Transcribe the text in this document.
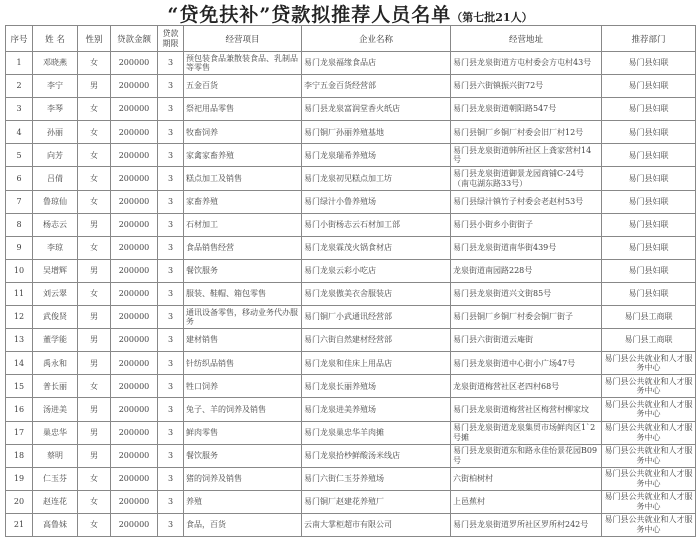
“贷免扶补”贷款拟推荐人员名单（第七批21人）
序号	姓 名	性别	贷款金额	贷款期限	经营项目	企业名称	经营地址	推荐部门

1	邓晓燕	女	200000	3	预包装食品兼散装食品、乳制品等零售	易门龙泉福缘食品店	易门县龙泉街道方屯村委会方屯村43号	易门县妇联

2	李宁	男	200000	3	五金百货	李宁五金百货经营部	易门县六街镇振兴街72号	易门县妇联

3	李琴	女	200000	3	祭祀用品零售	易门县龙泉富润堂香火纸店	易门县龙泉街道朝阳路547号	易门县妇联

4	孙丽	女	200000	3	牧畜饲养	易门铜厂孙丽养殖基地	易门县铜厂乡铜厂村委会旧厂村12号	易门县妇联

5	向芳	女	200000	3	家禽家畜养殖	易门龙泉瑞希养殖场	易门县龙泉街道韩所社区上龚家营村14号	易门县妇联

6	吕倩	女	200000	3	糕点加工及销售	易门龙泉初见糕点加工坊	易门县龙泉街道御景龙园商铺C-24号（南屯湖东路33号）	易门县妇联

7	鲁琼仙	女	200000	3	家畜养殖	易门绿汁小鲁养殖场	易门县绿汁镇竹子村委会老赵村53号	易门县妇联

8	杨志云	男	200000	3	石材加工	易门小街杨志云石材加工部	易门县小街乡小街街子	易门县妇联

9	李琼	女	200000	3	食品销售经营	易门龙泉霖茂火锅食材店	易门县龙泉街道南华街439号	易门县妇联

10	吴增辉	男	200000	3	餐饮服务	易门龙泉云彩小吃店	龙泉街道南园路228号	易门县妇联

11	刘云翠	女	200000	3	服装、鞋帽、箱包零售	易门龙泉傲美衣舍服装店	易门县龙泉街道兴文街85号	易门县妇联

12	武俊贤	男	200000	3	通讯设备零售，移动业务代办服务	易门铜厂小武通讯经营部	易门县铜厂乡铜厂村委会铜厂街子	易门县工商联

13	董学能	男	200000	3	建材销售	易门六街自然建材经营部	易门县六街街道云庵街	易门县工商联

14	禹永和	男	200000	3	针纺织品销售	易门龙泉和佳床上用品店	易门县龙泉街道中心街小广场47号	易门县公共就业和人才服务中心

15	普长丽	女	200000	3	牲口饲养	易门龙泉长丽养殖场	龙泉街道梅营社区老四村68号	易门县公共就业和人才服务中心

16	汤进美	男	200000	3	兔子、羊的饲养及销售	易门龙泉进美养殖场	易门县龙泉街道梅营社区梅营村柳家坟	易门县公共就业和人才服务中心

17	巢忠华	男	200000	3	鲜肉零售	易门龙泉巢忠华羊肉摊	易门县龙泉街道龙泉集贸市场鲜肉区1`2号摊	易门县公共就业和人才服务中心

18	蔡明	男	200000	3	餐饮服务	易门龙泉拾杪鲜酸汤米线店	易门县龙泉街道东和路永佳怡景花园B09号	易门县公共就业和人才服务中心

19	仁玉芬	女	200000	3	猪的饲养及销售	易门六街仁玉芬养殖场	六街柏树村	易门县公共就业和人才服务中心

20	赵连花	女	200000	3	养殖	易门铜厂赵建花养殖厂	上邑蕉村	易门县公共就业和人才服务中心

21	高鲁妹	女	200000	3	食品，百货	云南大掌柜超市有限公司	易门县龙泉街道罗所社区罗所村242号	易门县公共就业和人才服务中心
